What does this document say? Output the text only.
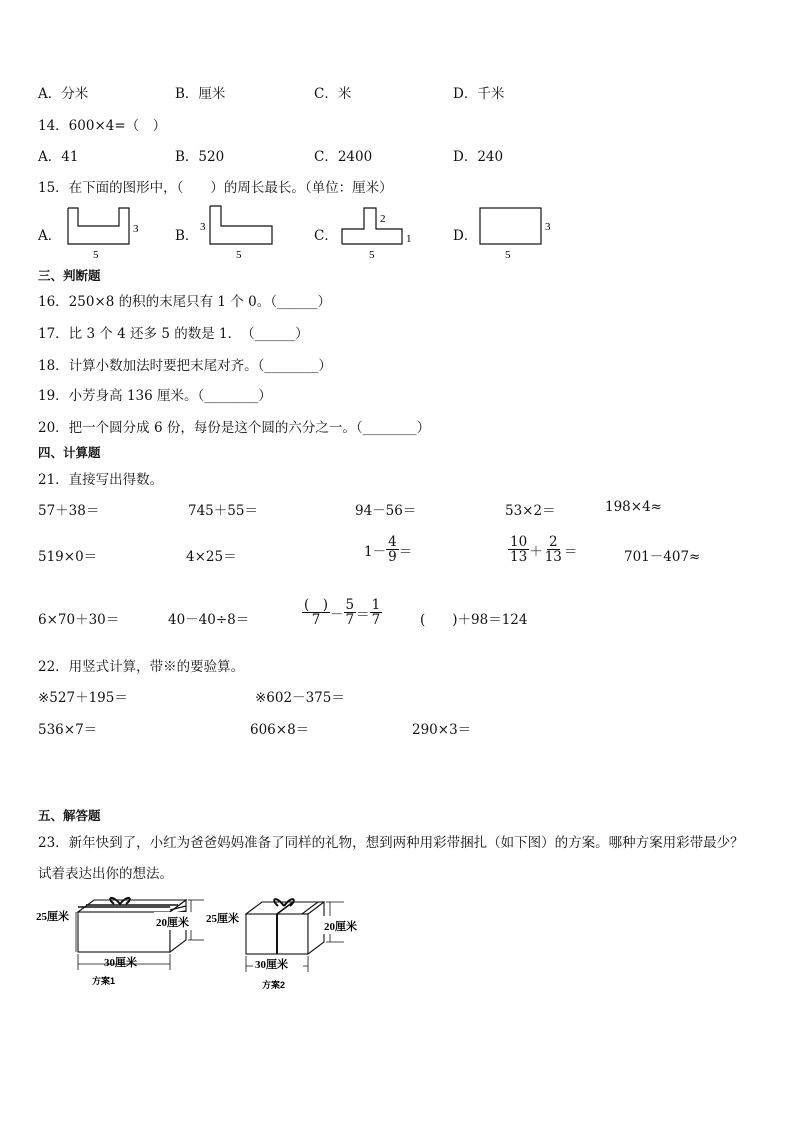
A．分米	B．厘米	C．米	D．千米
14．600×4=（　）
A．41	B．520	C．2400	D．240
15．在下面的图形中，（　　）的周长最长。（单位：厘米）
A．	3
5
B．
3
5
C．
2
1
5
D．
3
5
三、判断题
16．250×8 的积的末尾只有 1 个 0。（______）
17．比 3 个 4 还多 5 的数是 1．　（______）
18．计算小数加法时要把末尾对齐。（________）
19．小芳身高 136 厘米。（________）
20．把一个圆分成 6 份，每份是这个圆的六分之一。（________）
四、计算题
21．直接写出得数。
57＋38＝	745＋55＝	94－56＝	53×2＝	198×4≈
519×0＝	4×25＝	$1- \frac{4}{9}$ ＝	$\frac{10}{13} + \frac{2}{13}$ ＝	701－407≈
6×70＋30＝	40－40÷8＝	$\frac{( )}{7} - \frac{5}{7} = \frac{1}{7}$	(　　)＋98＝124
22．用竖式计算，带※的要验算。
※527＋195＝	※602－375＝
536×7＝	606×8＝	290×3＝
五、解答题
23．新年快到了，小红为爸爸妈妈准备了同样的礼物，想到两种用彩带捆扎（如下图）的方案。哪种方案用彩带最少？
试着表达出你的想法。
25厘米	20厘米
30厘米
方案1
25厘米
20厘米
30厘米
方案2
